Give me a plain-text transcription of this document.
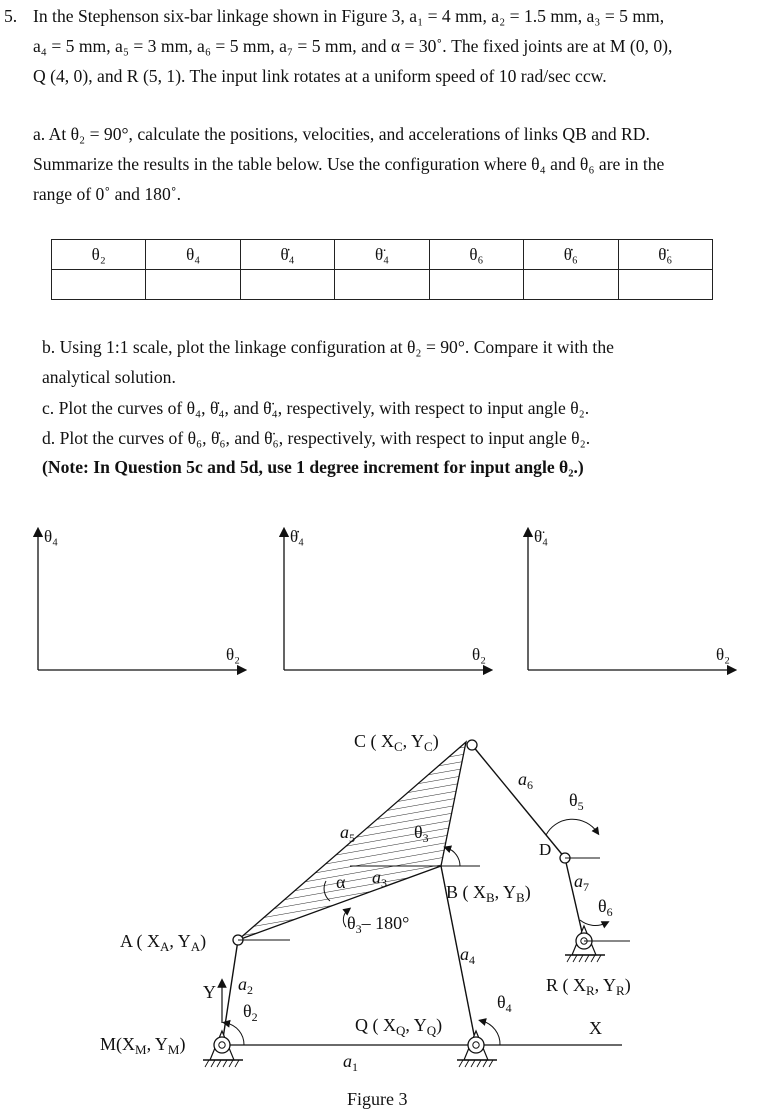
5. In the Stephenson six-bar linkage shown in Figure 3, a₁ = 4 mm, a₂ = 1.5 mm, a₃ = 5 mm,
a₄ = 5 mm, a₅ = 3 mm, a₆ = 5 mm, a₇ = 5 mm, and α = 30˚. The fixed joints are at M (0, 0),
Q (4, 0), and R (5, 1). The input link rotates at a uniform speed of 10 rad/sec ccw.
a. At θ₂ = 90°, calculate the positions, velocities, and accelerations of links QB and RD.
Summarize the results in the table below. Use the configuration where θ₄ and θ₆ are in the
range of 0˚ and 180˚.
θ₂	θ₄	θ̇₄	θ̈₄	θ₆	θ̇₆	θ̈₆

b. Using 1:1 scale, plot the linkage configuration at θ₂ = 90°. Compare it with the
analytical solution.
c. Plot the curves of θ₄, θ̇₄, and θ̈₄, respectively, with respect to input angle θ₂.
d. Plot the curves of θ₆, θ̇₆, and θ̈₆, respectively, with respect to input angle θ₂.
(Note: In Question 5c and 5d, use 1 degree increment for input angle θ₂.)
θ₄
θ₂
θ̇₄
θ₂
θ̈₄
θ₂
X
Y
C ( $X_C$, $Y_C$)
A ( $X_A$, $Y_A$)
B ( $X_B$, $Y_B$)
R ( $X_R$, $Y_R$)
Q ( $X_Q$, $Y_Q$)
$M(X_M$, $Y_M$)
D
$a_1$
$a_2$
$a_3$
$a_4$
$a_5$
$a_6$
$a_7$
$\theta_2$
$\theta_3$
$\theta_3-$ 180°
$\theta_4$
$\theta_5$
$\theta_6$
α
Figure 3
